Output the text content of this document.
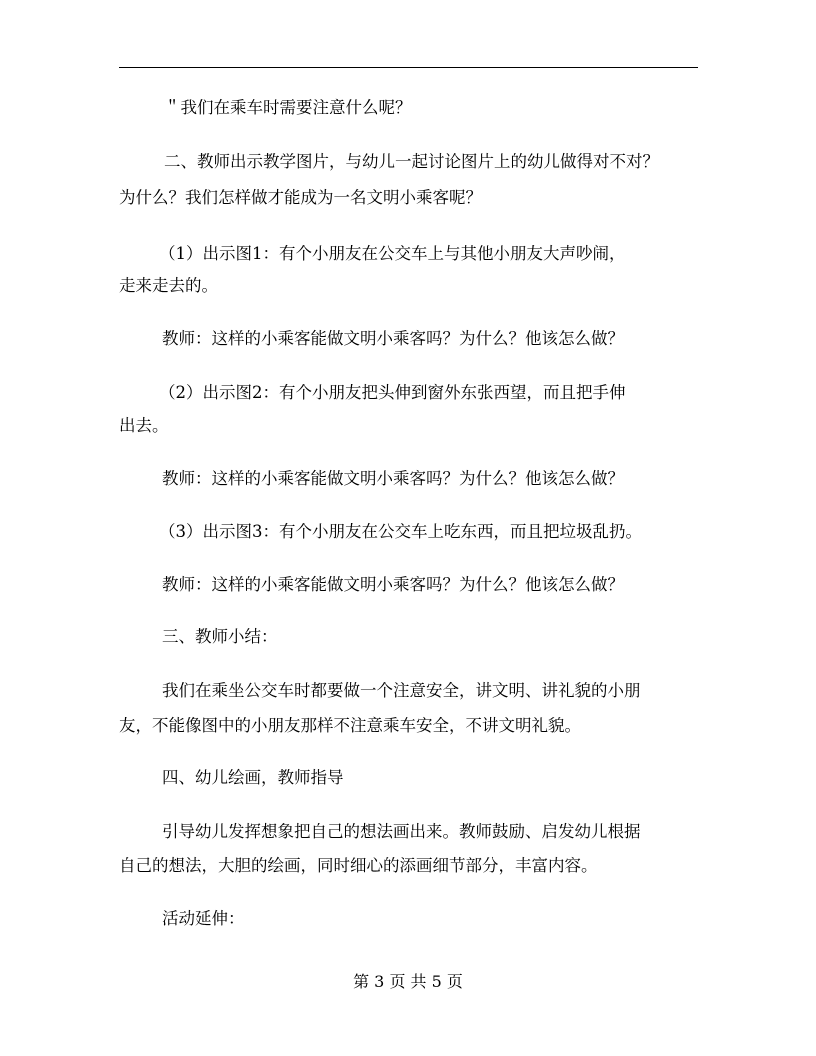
＂我们在乘车时需要注意什么呢？

二、教师出示教学图片，与幼儿一起讨论图片上的幼儿做得对不对？

为什么？我们怎样做才能成为一名文明小乘客呢？

（1）出示图1：有个小朋友在公交车上与其他小朋友大声吵闹，

走来走去的。

教师：这样的小乘客能做文明小乘客吗？为什么？他该怎么做？

（2）出示图2：有个小朋友把头伸到窗外东张西望，而且把手伸

出去。

教师：这样的小乘客能做文明小乘客吗？为什么？他该怎么做？

（3）出示图3：有个小朋友在公交车上吃东西，而且把垃圾乱扔。

教师：这样的小乘客能做文明小乘客吗？为什么？他该怎么做？

三、教师小结：

我们在乘坐公交车时都要做一个注意安全，讲文明、讲礼貌的小朋

友，不能像图中的小朋友那样不注意乘车安全，不讲文明礼貌。

四、幼儿绘画，教师指导

引导幼儿发挥想象把自己的想法画出来。教师鼓励、启发幼儿根据

自己的想法，大胆的绘画，同时细心的添画细节部分，丰富内容。

活动延伸：

第 3 页 共 5 页
